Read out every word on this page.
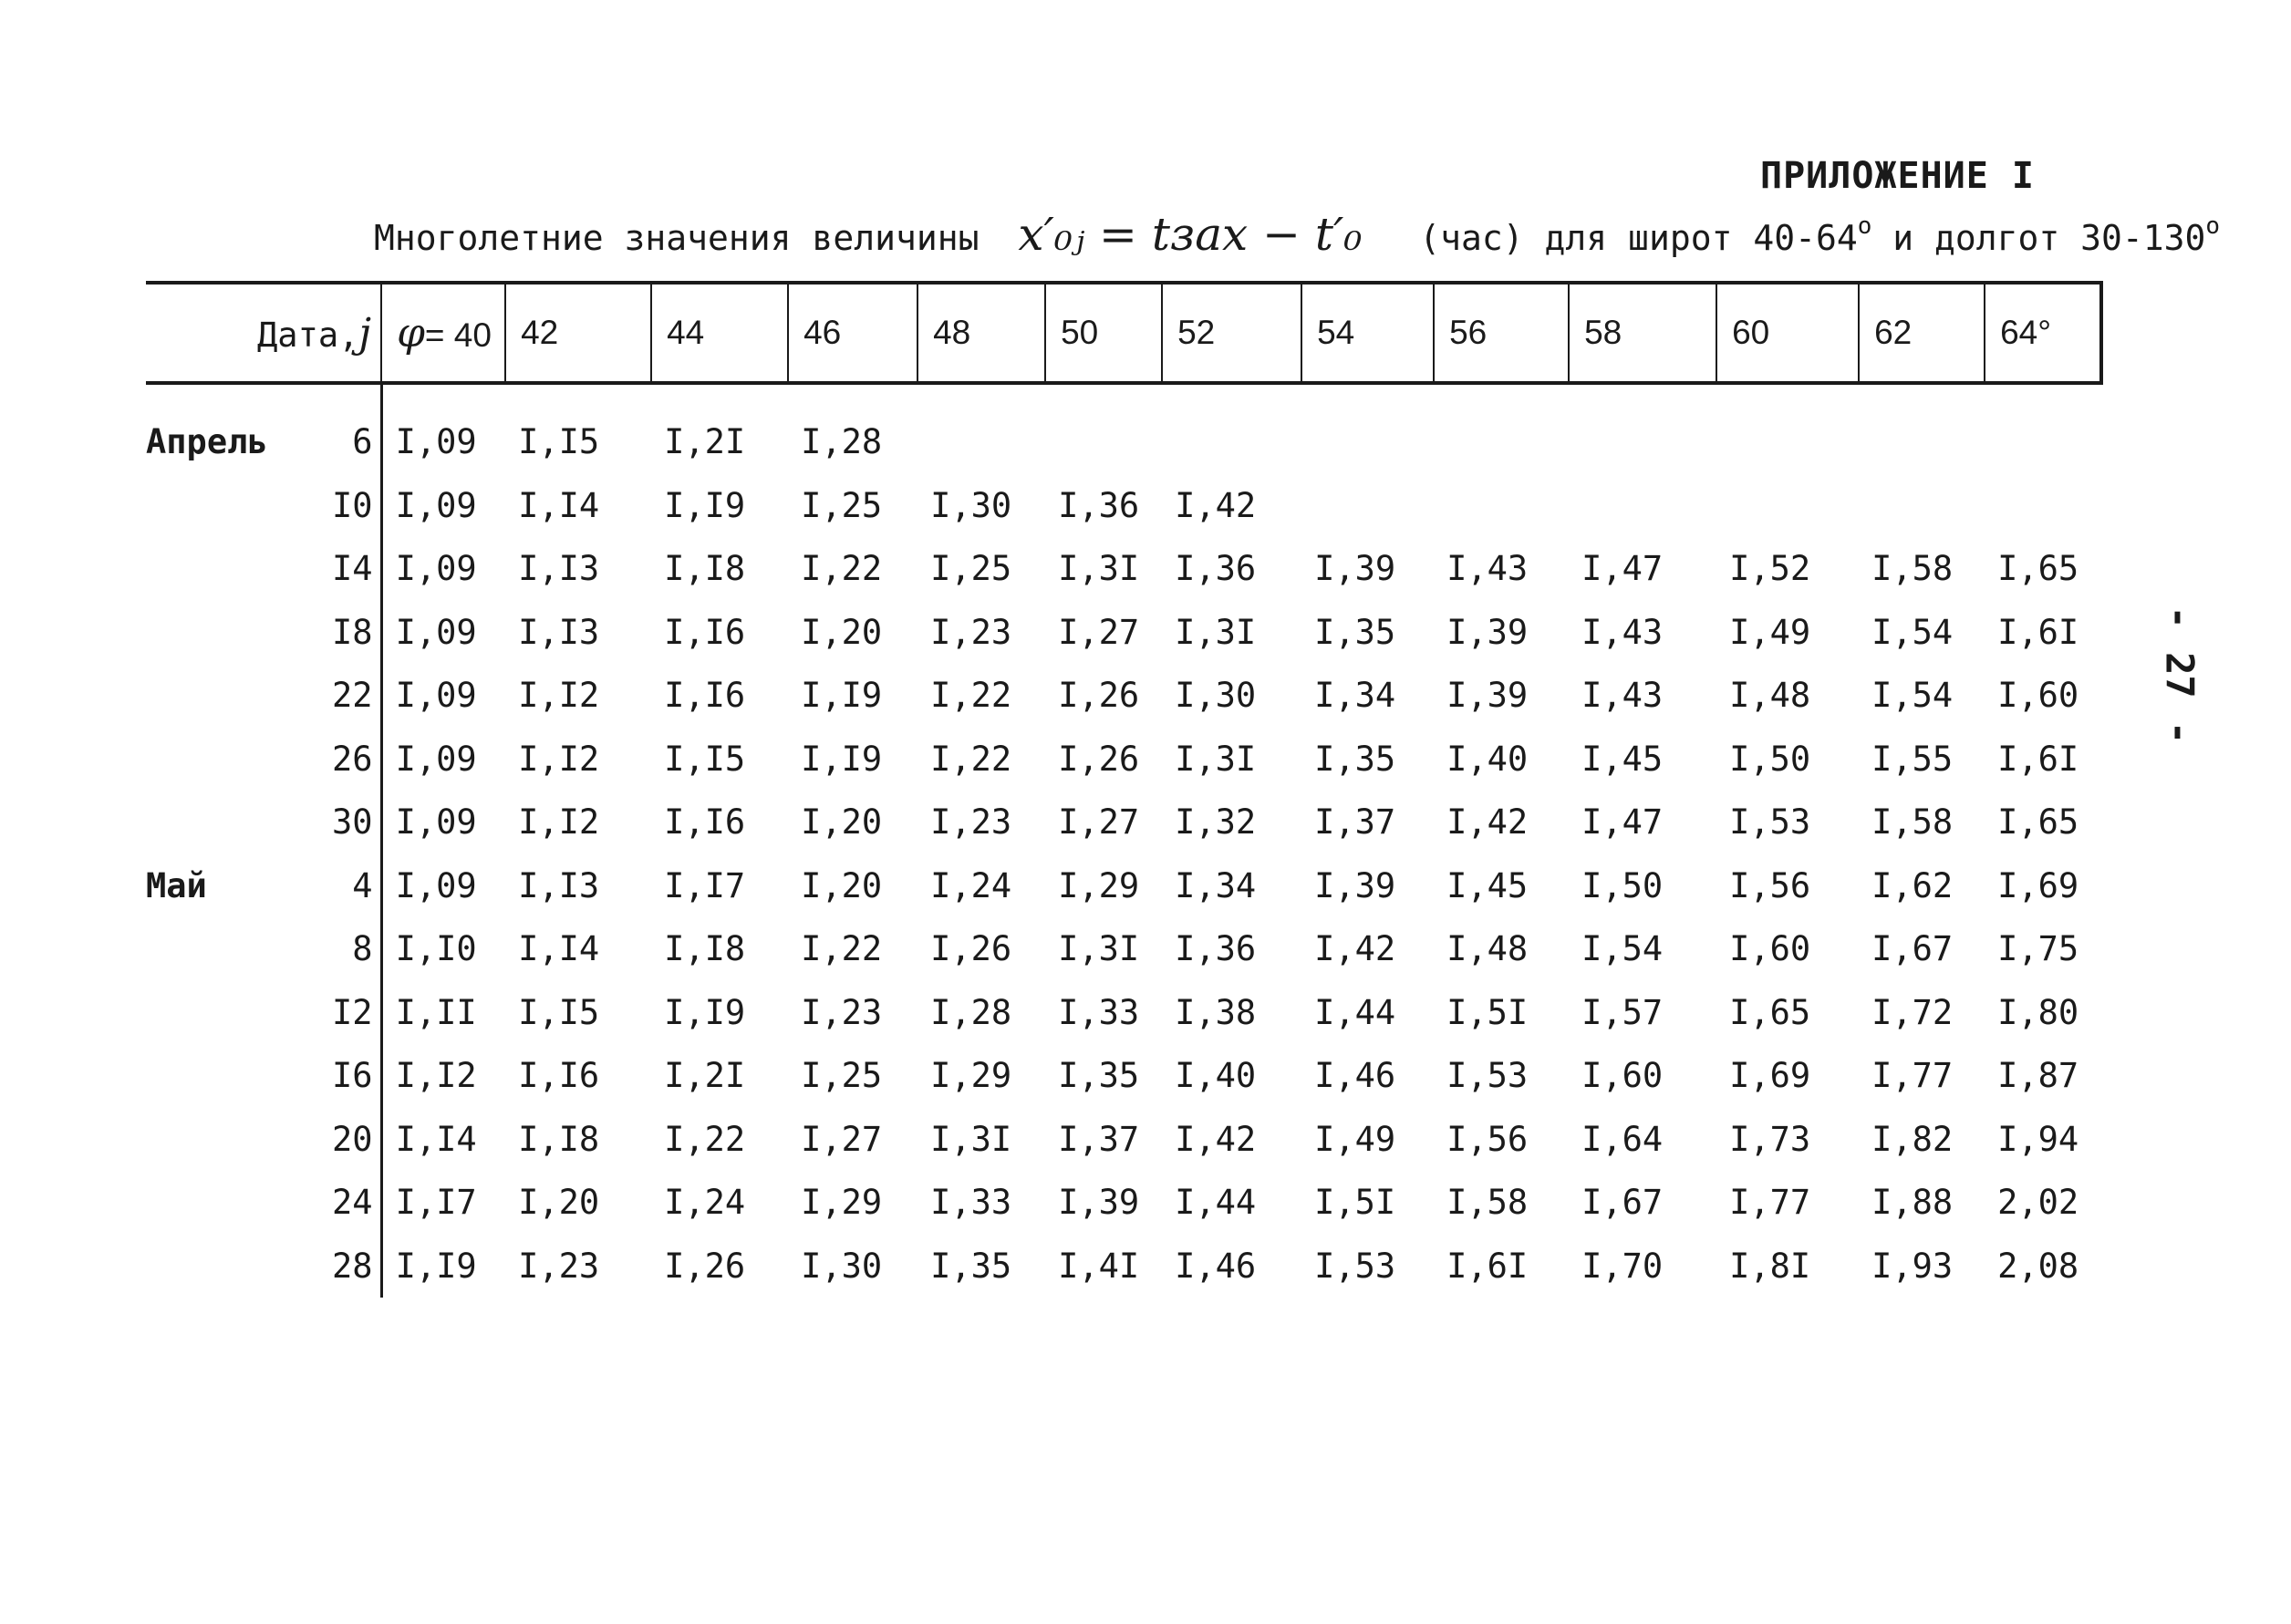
ПРИЛОЖЕНИЕ I
Многолетние значения величины x′₀ⱼ = tзах − t′₀ (час) для широт 40-64$^o$ и долгот 30-130$^o$
- 27 -
Дата,j		φ= 40	42	44	46	48	50	52	54	56	58	60	62	64°
Апрель	6	I,09	I,I5	I,2I	I,28									
	I0	I,09	I,I4	I,I9	I,25	I,30	I,36	I,42						
	I4	I,09	I,I3	I,I8	I,22	I,25	I,3I	I,36	I,39	I,43	I,47	I,52	I,58	I,65
	I8	I,09	I,I3	I,I6	I,20	I,23	I,27	I,3I	I,35	I,39	I,43	I,49	I,54	I,6I
	22	I,09	I,I2	I,I6	I,I9	I,22	I,26	I,30	I,34	I,39	I,43	I,48	I,54	I,60
	26	I,09	I,I2	I,I5	I,I9	I,22	I,26	I,3I	I,35	I,40	I,45	I,50	I,55	I,6I
	30	I,09	I,I2	I,I6	I,20	I,23	I,27	I,32	I,37	I,42	I,47	I,53	I,58	I,65
Май	4	I,09	I,I3	I,I7	I,20	I,24	I,29	I,34	I,39	I,45	I,50	I,56	I,62	I,69
	8	I,I0	I,I4	I,I8	I,22	I,26	I,3I	I,36	I,42	I,48	I,54	I,60	I,67	I,75
	I2	I,II	I,I5	I,I9	I,23	I,28	I,33	I,38	I,44	I,5I	I,57	I,65	I,72	I,80
	I6	I,I2	I,I6	I,2I	I,25	I,29	I,35	I,40	I,46	I,53	I,60	I,69	I,77	I,87
	20	I,I4	I,I8	I,22	I,27	I,3I	I,37	I,42	I,49	I,56	I,64	I,73	I,82	I,94
	24	I,I7	I,20	I,24	I,29	I,33	I,39	I,44	I,5I	I,58	I,67	I,77	I,88	2,02
	28	I,I9	I,23	I,26	I,30	I,35	I,4I	I,46	I,53	I,6I	I,70	I,8I	I,93	2,08
